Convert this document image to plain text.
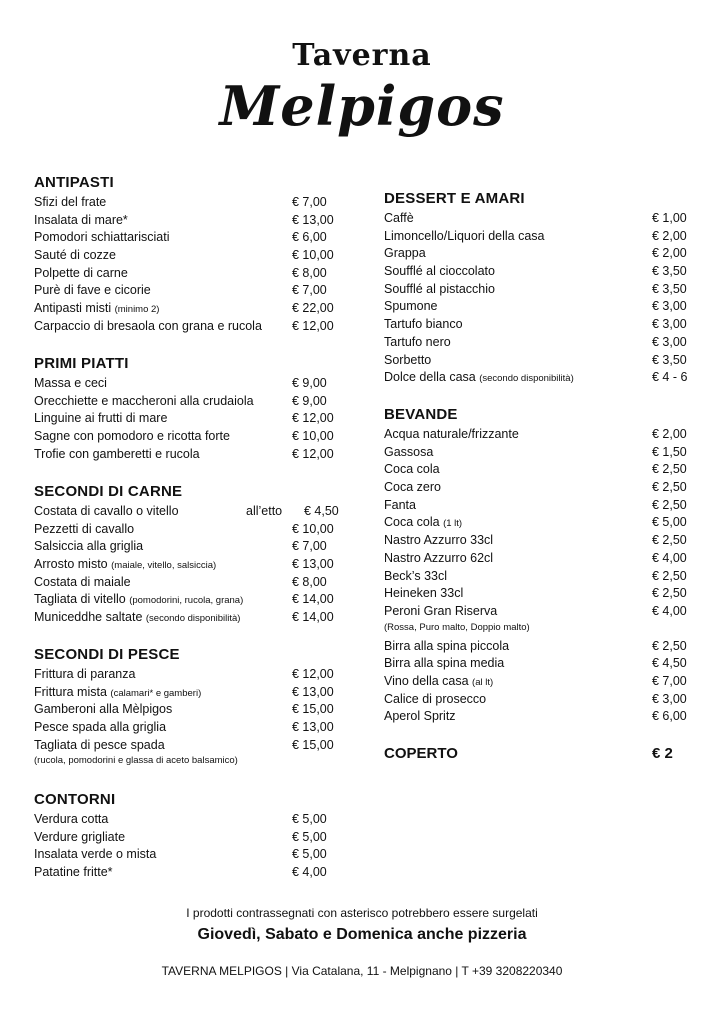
Taverna
Melpigos
ANTIPASTI
Sfizi del frate	€ 7,00
Insalata di mare*	€ 13,00
Pomodori schiattarisciati	€ 6,00
Sauté di cozze	€ 10,00
Polpette di carne	€ 8,00
Purè di fave e cicorie	€ 7,00
Antipasti misti (minimo 2)	€ 22,00
Carpaccio di bresaola con grana e rucola € 12,00
PRIMI PIATTI
Massa e ceci	€ 9,00
Orecchiette e maccheroni alla crudaiola	€ 9,00
Linguine ai frutti di mare	€ 12,00
Sagne con pomodoro e ricotta forte	€ 10,00
Trofie con gamberetti e rucola	€ 12,00
SECONDI DI CARNE
Costata di cavallo o vitello	all’etto € 4,50
Pezzetti di cavallo	€ 10,00
Salsiccia alla griglia	€ 7,00
Arrosto misto (maiale, vitello, salsiccia)	€ 13,00
Costata di maiale	€ 8,00
Tagliata di vitello (pomodorini, rucola, grana)	€ 14,00
Municeddhe saltate (secondo disponibilità)	€ 14,00
SECONDI DI PESCE
Frittura di paranza	€ 12,00
Frittura mista (calamari* e gamberi)	€ 13,00
Gamberoni alla Mèlpigos	€ 15,00
Pesce spada alla griglia	€ 13,00
Tagliata di pesce spada	€ 15,00
(rucola, pomodorini e glassa di aceto balsamico)
CONTORNI
Verdura cotta	€ 5,00
Verdure grigliate	€ 5,00
Insalata verde o mista	€ 5,00
Patatine fritte*	€ 4,00
DESSERT E AMARI
Caffè	€ 1,00
Limoncello/Liquori della casa	€ 2,00
Grappa	€ 2,00
Soufflé al cioccolato	€ 3,50
Soufflé al pistacchio	€ 3,50
Spumone	€ 3,00
Tartufo bianco	€ 3,00
Tartufo nero	€ 3,00
Sorbetto	€ 3,50
Dolce della casa (secondo disponibilità)	€ 4 - 6
BEVANDE
Acqua naturale/frizzante	€ 2,00
Gassosa	€ 1,50
Coca cola	€ 2,50
Coca zero	€ 2,50
Fanta	€ 2,50
Coca cola (1 lt)	€ 5,00
Nastro Azzurro 33cl	€ 2,50
Nastro Azzurro 62cl	€ 4,00
Beck’s 33cl	€ 2,50
Heineken 33cl	€ 2,50
Peroni Gran Riserva	€ 4,00
(Rossa, Puro malto, Doppio malto)
Birra alla spina piccola	€ 2,50
Birra alla spina media	€ 4,50
Vino della casa (al lt)	€ 7,00
Calice di prosecco	€ 3,00
Aperol Spritz	€ 6,00
COPERTO	€ 2
I prodotti contrassegnati con asterisco potrebbero essere surgelati
Giovedì, Sabato e Domenica anche pizzeria
TAVERNA MELPIGOS | Via Catalana, 11 - Melpignano | T +39 3208220340
